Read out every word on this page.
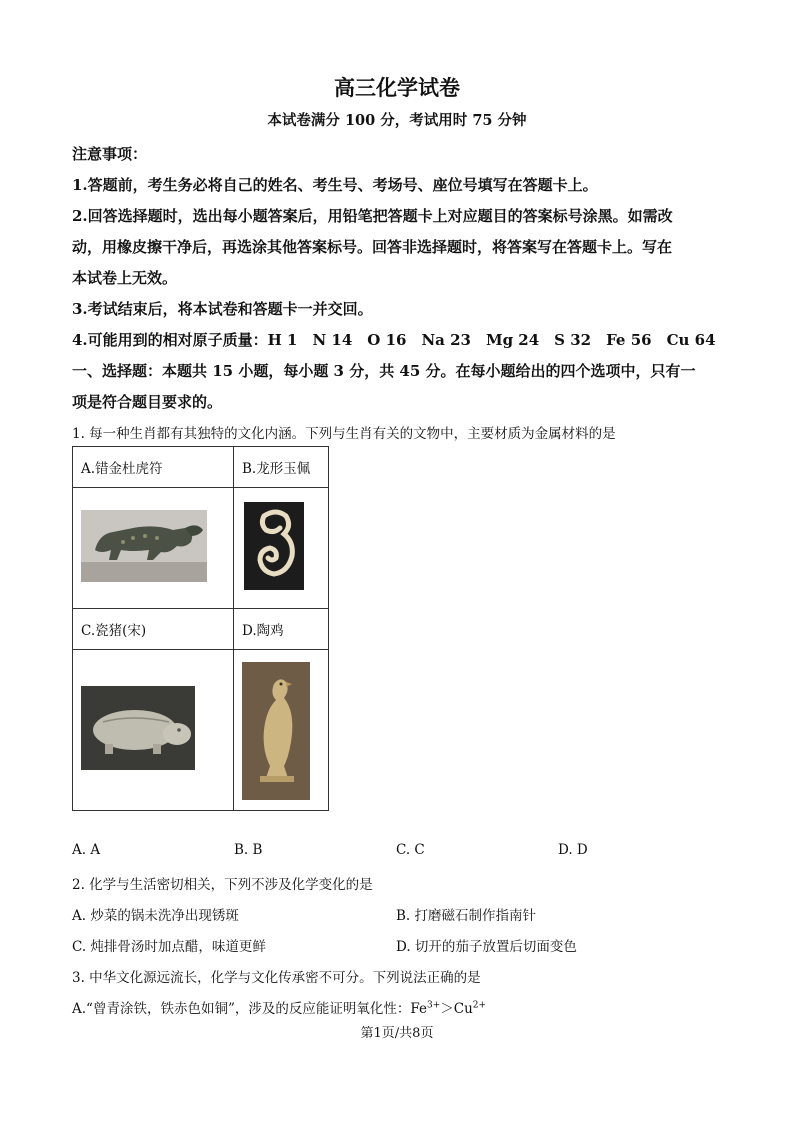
高三化学试卷
本试卷满分 100 分，考试用时 75 分钟
注意事项：
1.答题前，考生务必将自己的姓名、考生号、考场号、座位号填写在答题卡上。
2.回答选择题时，选出每小题答案后，用铅笔把答题卡上对应题目的答案标号涂黑。如需改
动，用橡皮擦干净后，再选涂其他答案标号。回答非选择题时，将答案写在答题卡上。写在
本试卷上无效。
3.考试结束后，将本试卷和答题卡一并交回。
4.可能用到的相对原子质量：H 1　N 14　O 16　Na 23　Mg 24　S 32　Fe 56　Cu 64
一、选择题：本题共 15 小题，每小题 3 分，共 45 分。在每小题给出的四个选项中，只有一
项是符合题目要求的。
1. 每一种生肖都有其独特的文化内涵。下列与生肖有关的文物中，主要材质为金属材料的是
A.错金杜虎符	B.龙形玉佩

C.瓷猪(宋)	D.陶鸡

A. A	B. B	C. C	D. D
2. 化学与生活密切相关，下列不涉及化学变化的是
A. 炒菜的锅未洗净出现锈斑	B. 打磨磁石制作指南针
C. 炖排骨汤时加点醋，味道更鲜	D. 切开的茄子放置后切面变色
3. 中华文化源远流长，化学与文化传承密不可分。下列说法正确的是
A.“曾青涂铁，铁赤色如铜”，涉及的反应能证明氧化性：$Fe^{3+}>Cu^{2+}$
第1页/共8页
